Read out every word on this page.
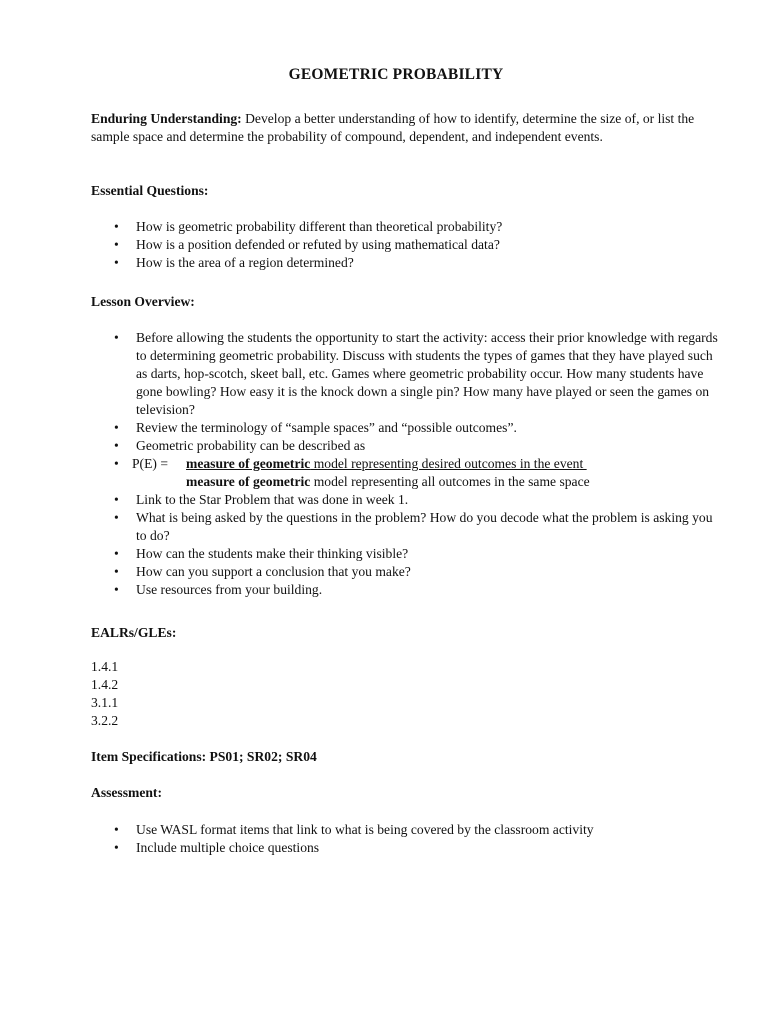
GEOMETRIC PROBABILITY
Enduring Understanding: Develop a better understanding of how to identify, determine the size of, or list the sample space and determine the probability of compound, dependent, and independent events.
Essential Questions:
• How is geometric probability different than theoretical probability?
• How is a position defended or refuted by using mathematical data?
• How is the area of a region determined?
Lesson Overview:
• Before allowing the students the opportunity to start the activity: access their prior knowledge with regards to determining geometric probability. Discuss with students the types of games that they have played such as darts, hop-scotch, skeet ball, etc. Games where geometric probability occur. How many students have gone bowling? How easy it is the knock down a single pin? How many have played or seen the games on television?
• Review the terminology of “sample spaces” and “possible outcomes”.
• Geometric probability can be described as
• P(E) = measure of geometric model representing desired outcomes in the event
measure of geometric model representing all outcomes in the same space
• Link to the Star Problem that was done in week 1.
• What is being asked by the questions in the problem? How do you decode what the problem is asking you to do?
• How can the students make their thinking visible?
• How can you support a conclusion that you make?
• Use resources from your building.
EALRs/GLEs:
1.4.1
1.4.2
3.1.1
3.2.2
Item Specifications: PS01; SR02; SR04
Assessment:
• Use WASL format items that link to what is being covered by the classroom activity
• Include multiple choice questions
